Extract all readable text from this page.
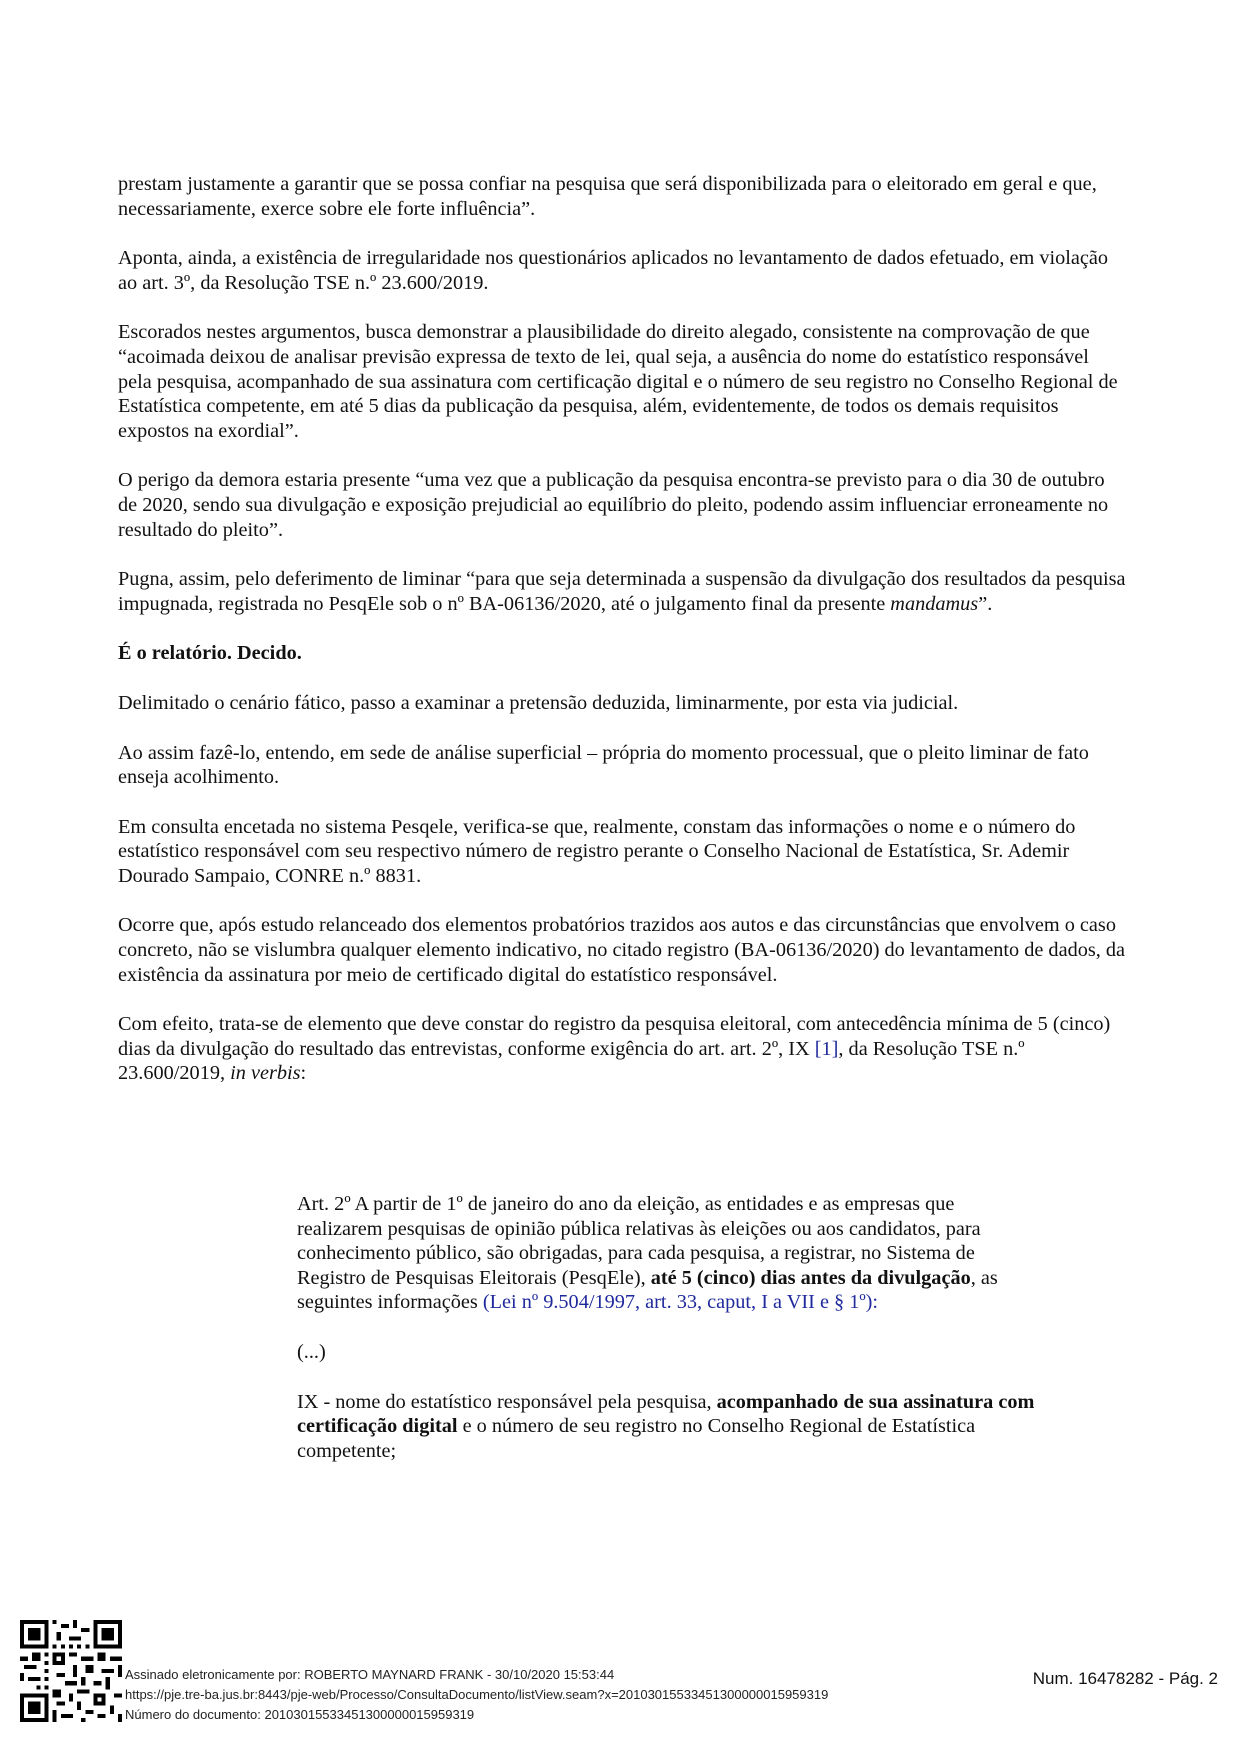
prestam justamente a garantir que se possa confiar na pesquisa que será disponibilizada para o eleitorado em geral e que, necessariamente, exerce sobre ele forte influência”.

Aponta, ainda, a existência de irregularidade nos questionários aplicados no levantamento de dados efetuado, em violação ao art. 3º, da Resolução TSE n.º 23.600/2019.

Escorados nestes argumentos, busca demonstrar a plausibilidade do direito alegado, consistente na comprovação de que “acoimada deixou de analisar previsão expressa de texto de lei, qual seja, a ausência do nome do estatístico responsável pela pesquisa, acompanhado de sua assinatura com certificação digital e o número de seu registro no Conselho Regional de Estatística competente, em até 5 dias da publicação da pesquisa, além, evidentemente, de todos os demais requisitos expostos na exordial”.

O perigo da demora estaria presente “uma vez que a publicação da pesquisa encontra-se previsto para o dia 30 de outubro de 2020, sendo sua divulgação e exposição prejudicial ao equilíbrio do pleito, podendo assim influenciar erroneamente no resultado do pleito”.

Pugna, assim, pelo deferimento de liminar “para que seja determinada a suspensão da divulgação dos resultados da pesquisa impugnada, registrada no PesqEle sob o nº BA-06136/2020, até o julgamento final da presente mandamus”.

É o relatório. Decido.

Delimitado o cenário fático, passo a examinar a pretensão deduzida, liminarmente, por esta via judicial.

Ao assim fazê-lo, entendo, em sede de análise superficial – própria do momento processual, que o pleito liminar de fato enseja acolhimento.

Em consulta encetada no sistema Pesqele, verifica-se que, realmente, constam das informações o nome e o número do estatístico responsável com seu respectivo número de registro perante o Conselho Nacional de Estatística, Sr. Ademir Dourado Sampaio, CONRE n.º 8831.

Ocorre que, após estudo relanceado dos elementos probatórios trazidos aos autos e das circunstâncias que envolvem o caso concreto, não se vislumbra qualquer elemento indicativo, no citado registro (BA-06136/2020) do levantamento de dados, da existência da assinatura por meio de certificado digital do estatístico responsável.

Com efeito, trata-se de elemento que deve constar do registro da pesquisa eleitoral, com antecedência mínima de 5 (cinco) dias da divulgação do resultado das entrevistas, conforme exigência do art. art. 2º, IX [1], da Resolução TSE n.º 23.600/2019, in verbis:

Art. 2º A partir de 1º de janeiro do ano da eleição, as entidades e as empresas que realizarem pesquisas de opinião pública relativas às eleições ou aos candidatos, para conhecimento público, são obrigadas, para cada pesquisa, a registrar, no Sistema de Registro de Pesquisas Eleitorais (PesqEle), até 5 (cinco) dias antes da divulgação, as seguintes informações (Lei nº 9.504/1997, art. 33, caput, I a VII e § 1º):

(...)

IX - nome do estatístico responsável pela pesquisa, acompanhado de sua assinatura com certificação digital e o número de seu registro no Conselho Regional de Estatística competente;

Assinado eletronicamente por: ROBERTO MAYNARD FRANK - 30/10/2020 15:53:44
https://pje.tre-ba.jus.br:8443/pje-web/Processo/ConsultaDocumento/listView.seam?x=20103015533451300000015959319
Número do documento: 20103015533451300000015959319
Num. 16478282 - Pág. 2
